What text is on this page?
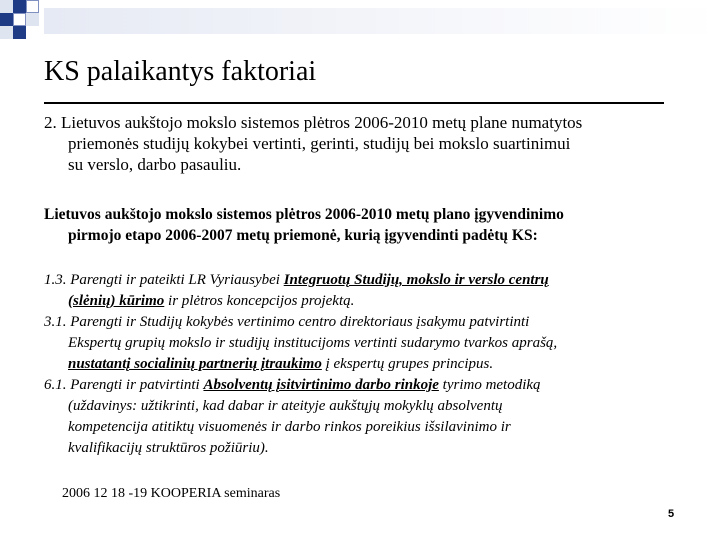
KS palaikantys faktoriai

2. Lietuvos aukštojo mokslo sistemos plėtros 2006-2010 metų plane numatytos
priemonės studijų kokybei vertinti, gerinti, studijų bei mokslo suartinimui
su verslo, darbo pasauliu.

Lietuvos aukštojo mokslo sistemos plėtros 2006-2010 metų plano įgyvendinimo
pirmojo etapo 2006-2007 metų priemonė, kurią įgyvendinti padėtų KS:

1.3. Parengti ir pateikti LR Vyriausybei Integruotų Studijų, mokslo ir verslo centrų
(slėnių) kūrimo ir plėtros koncepcijos projektą.
3.1. Parengti ir Studijų kokybės vertinimo centro direktoriaus įsakymu patvirtinti
Ekspertų grupių mokslo ir studijų institucijoms vertinti sudarymo tvarkos aprašą,
nustatantį socialinių partnerių įtraukimo į ekspertų grupes principus.
6.1. Parengti ir patvirtinti Absolventų įsitvirtinimo darbo rinkoje tyrimo metodiką
(uždavinys: užtikrinti, kad dabar ir ateityje aukštųjų mokyklų absolventų
kompetencija atitiktų visuomenės ir darbo rinkos poreikius išsilavinimo ir
kvalifikacijų struktūros požiūriu).

2006 12 18 -19 KOOPERIA seminaras
5
